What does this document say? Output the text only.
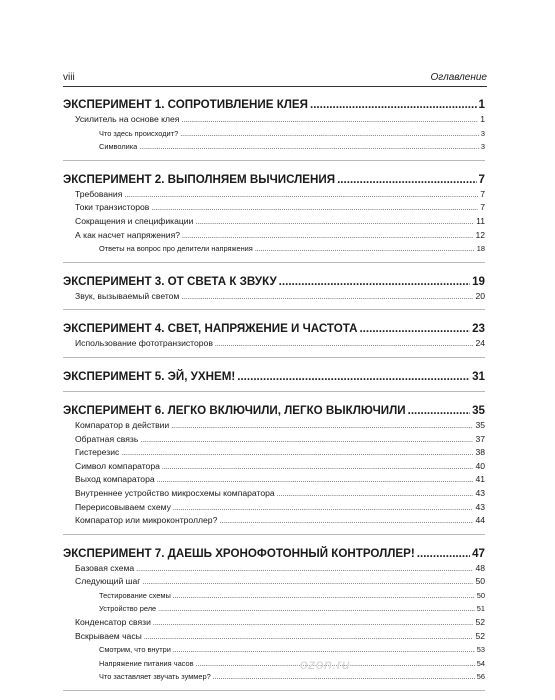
viii	Оглавление
ЭКСПЕРИМЕНТ 1. СОПРОТИВЛЕНИЕ КЛЕЯ .....	1
Усилитель на основе клея .....	1
Что здесь происходит? .....	3
Символика .....	3
ЭКСПЕРИМЕНТ 2. ВЫПОЛНЯЕМ ВЫЧИСЛЕНИЯ .....	7
Требования .....	7
Токи транзисторов .....	7
Сокращения и спецификации .....	11
А как насчет напряжения? .....	12
Ответы на вопрос про делители напряжения .....	18
ЭКСПЕРИМЕНТ 3. ОТ СВЕТА К ЗВУКУ .....	19
Звук, вызываемый светом .....	20
ЭКСПЕРИМЕНТ 4. СВЕТ, НАПРЯЖЕНИЕ И ЧАСТОТА .....	23
Использование фототранзисторов .....	24
ЭКСПЕРИМЕНТ 5. ЭЙ, УХНЕМ! .....	31
ЭКСПЕРИМЕНТ 6. ЛЕГКО ВКЛЮЧИЛИ, ЛЕГКО ВЫКЛЮЧИЛИ .....	35
Компаратор в действии .....	35
Обратная связь .....	37
Гистерезис .....	38
Символ компаратора .....	40
Выход компаратора .....	41
Внутреннее устройство микросхемы компаратора .....	43
Перерисовываем схему .....	43
Компаратор или микроконтроллер? .....	44
ЭКСПЕРИМЕНТ 7. ДАЕШЬ ХРОНОФОТОННЫЙ КОНТРОЛЛЕР! .....	47
Базовая схема .....	48
Следующий шаг .....	50
Тестирование схемы .....	50
Устройство реле .....	51
Конденсатор связи .....	52
Вскрываем часы .....	52
Смотрим, что внутри .....	53
Напряжение питания часов .....	54
Что заставляет звучать зуммер? .....	56
ozon.ru
